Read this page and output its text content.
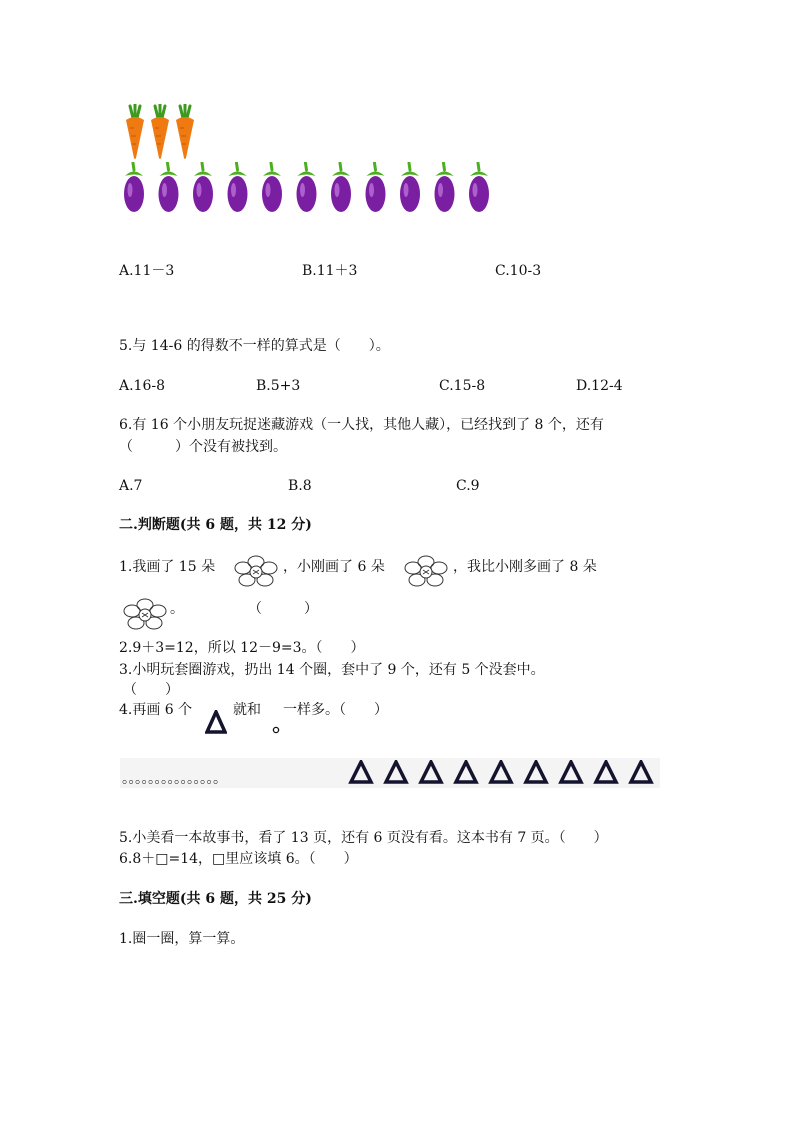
A.11－3	B.11＋3	C.10-3
5.与 14-6 的得数不一样的算式是（　　）。
A.16-8	B.5+3	C.15-8	D.12-4
6.有 16 个小朋友玩捉迷藏游戏（一人找，其他人藏），已经找到了 8 个，还有
（　　　）个没有被找到。
A.7	B.8	C.9
二.判断题(共 6 题，共 12 分)
1.我画了 15 朵	，小刚画了 6 朵	，我比小刚多画了 8 朵
。	（　　　）
2.9＋3=12，所以 12－9=3。（　　）
3.小明玩套圈游戏，扔出 14 个圈，套中了 9 个，还有 5 个没套中。
（　　）
4.再画 6 个	就和 一样多。（　　）
。。。。。。。。。。。。。。。
5.小美看一本故事书，看了 13 页，还有 6 页没有看。这本书有 7 页。（　　）
6.8＋□=14，□里应该填 6。（　　）
三.填空题(共 6 题，共 25 分)
1.圈一圈，算一算。
